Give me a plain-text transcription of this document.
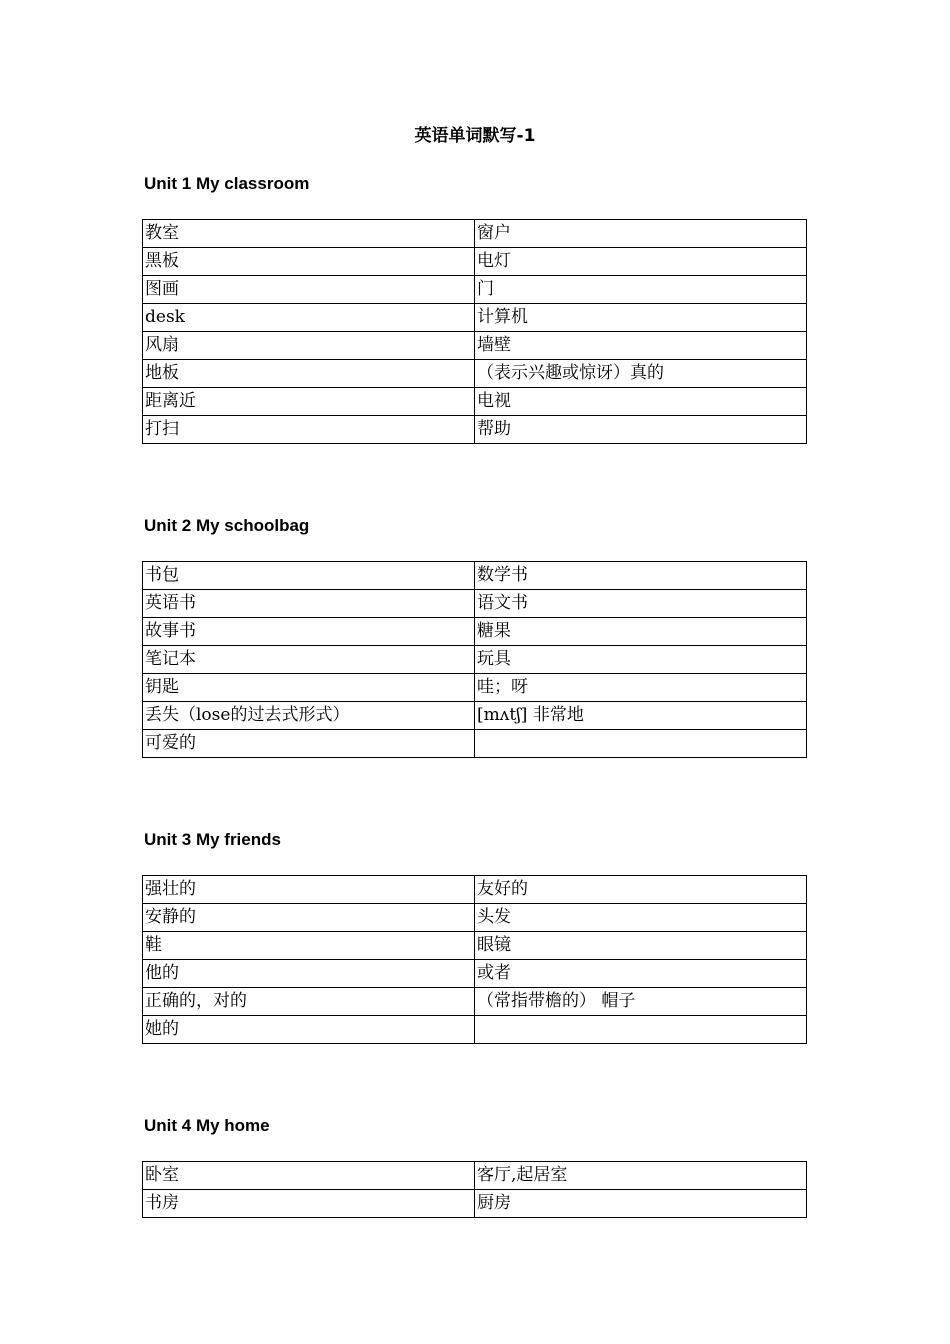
英语单词默写-1
Unit 1 My classroom
教室	窗户
黑板	电灯
图画	门
desk	计算机
风扇	墙壁
地板	（表示兴趣或惊讶）真的
距离近	电视
打扫	帮助
Unit 2 My schoolbag
书包	数学书
英语书	语文书
故事书	糖果
笔记本	玩具
钥匙	哇；呀
丢失（lose的过去式形式）	[mʌtʃ] 非常地
可爱的	
Unit 3 My friends
强壮的	友好的
安静的	头发
鞋	眼镜
他的	或者
正确的，对的	（常指带檐的） 帽子
她的	
Unit 4 My home
卧室	客厅,起居室
书房	厨房
